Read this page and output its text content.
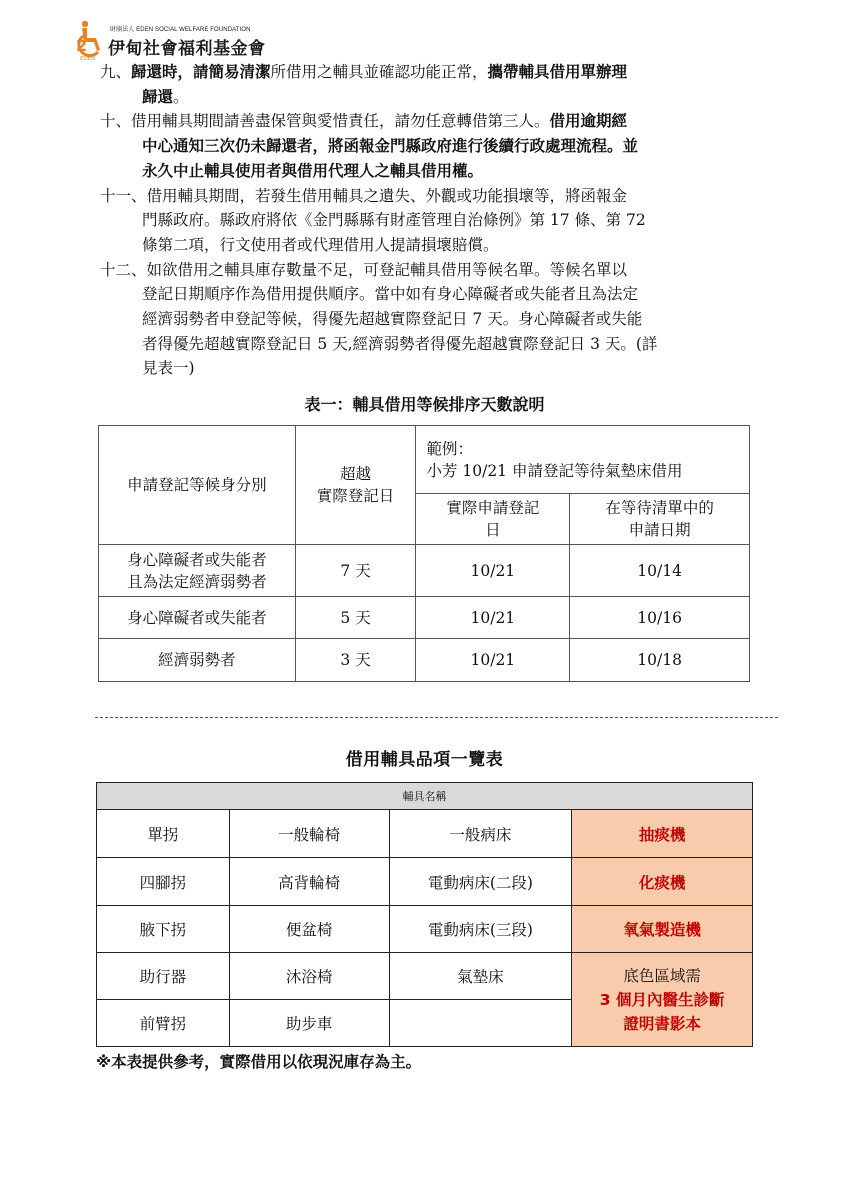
2
EDEN
財團法人 EDEN SOCIAL WELFARE FOUNDATION
伊甸社會福利基金會
九、 歸還時，請簡易清潔所借用之輔具並確認功能正常，攜帶輔具借用單辦理
歸還。
十、 借用輔具期間請善盡保管與愛惜責任，請勿任意轉借第三人。借用逾期經
中心通知三次仍未歸還者，將函報金門縣政府進行後續行政處理流程。並
永久中止輔具使用者與借用代理人之輔具借用權。
十一、 借用輔具期間，若發生借用輔具之遺失、外觀或功能損壞等，將函報金
門縣政府。縣政府將依《金門縣縣有財產管理自治條例》第 17 條、第 72
條第二項，行文使用者或代理借用人提請損壞賠償。
十二、 如欲借用之輔具庫存數量不足，可登記輔具借用等候名單。等候名單以
登記日期順序作為借用提供順序。當中如有身心障礙者或失能者且為法定
經濟弱勢者申登記等候，得優先超越實際登記日 7 天。身心障礙者或失能
者得優先超越實際登記日 5 天,經濟弱勢者得優先超越實際登記日 3 天。(詳
見表一)
表一：輔具借用等候排序天數說明
申請登記等候身分別	超越
實際登記日	範例：
小芳 10/21 申請登記等待氣墊床借用	
		實際申請登記
日	在等待清單中的
申請日期
身心障礙者或失能者
且為法定經濟弱勢者	7 天	10/21	10/14
身心障礙者或失能者	5 天	10/21	10/16
經濟弱勢者	3 天	10/21	10/18
借用輔具品項一覽表
輔具名稱			
單拐	一般輪椅	一般病床	抽痰機
四腳拐	高背輪椅	電動病床(二段)	化痰機
腋下拐	便盆椅	電動病床(三段)	氧氣製造機
助行器	沐浴椅	氣墊床	底色區域需
3 個月內醫生診斷
證明書影本

前臂拐	助步車		
※本表提供參考，實際借用以依現況庫存為主。
